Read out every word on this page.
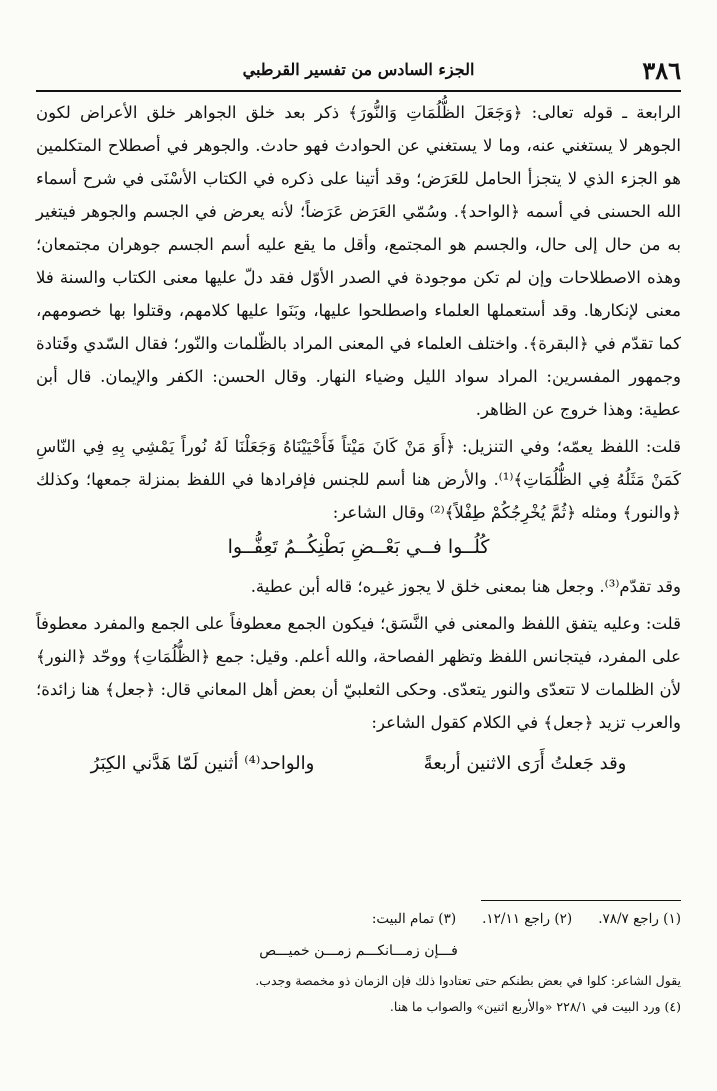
٣٨٦
الجزء السادس من تفسير القرطبي

الرابعة ـ قوله تعالى: ﴿وَجَعَلَ الظُّلُمَاتِ وَالنُّورَ﴾ ذكر بعد خلق الجواهر خلق الأعراض لكون الجوهر لا يستغني عنه، وما لا يستغني عن الحوادث فهو حادث. والجوهر في أصطلاح المتكلمين هو الجزء الذي لا يتجزأ الحامل للعَرَض؛ وقد أتينا على ذكره في الكتاب الأسْنَى في شرح أسماء الله الحسنى في أسمه ﴿الواحد﴾. وسُمّي العَرَض عَرَضاً؛ لأنه يعرض في الجسم والجوهر فيتغير به من حال إلى حال، والجسم هو المجتمع، وأقل ما يقع عليه أسم الجسم جوهران مجتمعان؛ وهذه الاصطلاحات وإن لم تكن موجودة في الصدر الأوّل فقد دلّ عليها معنى الكتاب والسنة فلا معنى لإنكارها. وقد أستعملها العلماء واصطلحوا عليها، وبَنَوا عليها كلامهم، وقتلوا بها خصومهم، كما تقدّم في ﴿البقرة﴾. واختلف العلماء في المعنى المراد بالظّلمات والنّور؛ فقال السّدي وقَتادة وجمهور المفسرين: المراد سواد الليل وضياء النهار. وقال الحسن: الكفر والإيمان. قال أبن عطية: وهذا خروج عن الظاهر.

قلت: اللفظ يعمّه؛ وفي التنزيل: ﴿أَوَ مَنْ كَانَ مَيْتاً فَأَحْيَيْنَاهُ وَجَعَلْنَا لَهُ نُوراً يَمْشِي بِهِ فِي النّاسِ كَمَنْ مَثَلُهُ فِي الظُّلُمَاتِ﴾⁽¹⁾. والأرض هنا أسم للجنس فإفرادها في اللفظ بمنزلة جمعها؛ وكذلك ﴿والنور﴾ ومثله ﴿ثُمَّ يُخْرِجُكُمْ طِفْلاً﴾⁽²⁾ وقال الشاعر:

كُلُــوا فــي بَعْــضِ بَطْنِكُــمُ تَعِفُّــوا

وقد تقدّم⁽³⁾. وجعل هنا بمعنى خلق لا يجوز غيره؛ قاله أبن عطية.

قلت: وعليه يتفق اللفظ والمعنى في النَّسَق؛ فيكون الجمع معطوفاً على الجمع والمفرد معطوفاً على المفرد، فيتجانس اللفظ وتظهر الفصاحة، والله أعلم. وقيل: جمع ﴿الظُّلُمَاتِ﴾ ووحّد ﴿النور﴾ لأن الظلمات لا تتعدّى والنور يتعدّى. وحكى الثعلبيّ أن بعض أهل المعاني قال: ﴿جعل﴾ هنا زائدة؛ والعرب تزيد ﴿جعل﴾ في الكلام كقول الشاعر:

وقد جَعلتُ أَرَى الاثنين أربعةً
والواحد⁽⁴⁾ أثنين لَمّا هَدَّني الكِبَرُ
(١) راجع ٧٨/٧.
(٢) راجع ١٢/١١.
(٣) تمام البيت:
فـــإن زمـــانكـــم زمـــن خميـــص
يقول الشاعر: كلوا في بعض بطنكم حتى تعتادوا ذلك فإن الزمان ذو مخمصة وجدب.
(٤) ورد البيت في ٢٢٨/١ «والأربع اثنين» والصواب ما هنا.
